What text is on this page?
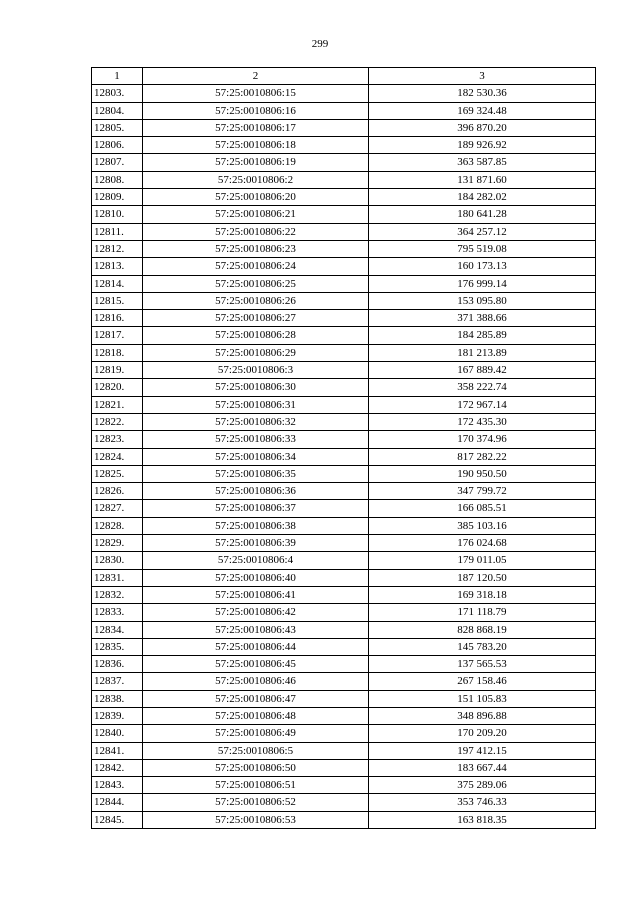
299
1	2	3
12803.	57:25:0010806:15	182 530.36
12804.	57:25:0010806:16	169 324.48
12805.	57:25:0010806:17	396 870.20
12806.	57:25:0010806:18	189 926.92
12807.	57:25:0010806:19	363 587.85
12808.	57:25:0010806:2	131 871.60
12809.	57:25:0010806:20	184 282.02
12810.	57:25:0010806:21	180 641.28
12811.	57:25:0010806:22	364 257.12
12812.	57:25:0010806:23	795 519.08
12813.	57:25:0010806:24	160 173.13
12814.	57:25:0010806:25	176 999.14
12815.	57:25:0010806:26	153 095.80
12816.	57:25:0010806:27	371 388.66
12817.	57:25:0010806:28	184 285.89
12818.	57:25:0010806:29	181 213.89
12819.	57:25:0010806:3	167 889.42
12820.	57:25:0010806:30	358 222.74
12821.	57:25:0010806:31	172 967.14
12822.	57:25:0010806:32	172 435.30
12823.	57:25:0010806:33	170 374.96
12824.	57:25:0010806:34	817 282.22
12825.	57:25:0010806:35	190 950.50
12826.	57:25:0010806:36	347 799.72
12827.	57:25:0010806:37	166 085.51
12828.	57:25:0010806:38	385 103.16
12829.	57:25:0010806:39	176 024.68
12830.	57:25:0010806:4	179 011.05
12831.	57:25:0010806:40	187 120.50
12832.	57:25:0010806:41	169 318.18
12833.	57:25:0010806:42	171 118.79
12834.	57:25:0010806:43	828 868.19
12835.	57:25:0010806:44	145 783.20
12836.	57:25:0010806:45	137 565.53
12837.	57:25:0010806:46	267 158.46
12838.	57:25:0010806:47	151 105.83
12839.	57:25:0010806:48	348 896.88
12840.	57:25:0010806:49	170 209.20
12841.	57:25:0010806:5	197 412.15
12842.	57:25:0010806:50	183 667.44
12843.	57:25:0010806:51	375 289.06
12844.	57:25:0010806:52	353 746.33
12845.	57:25:0010806:53	163 818.35
